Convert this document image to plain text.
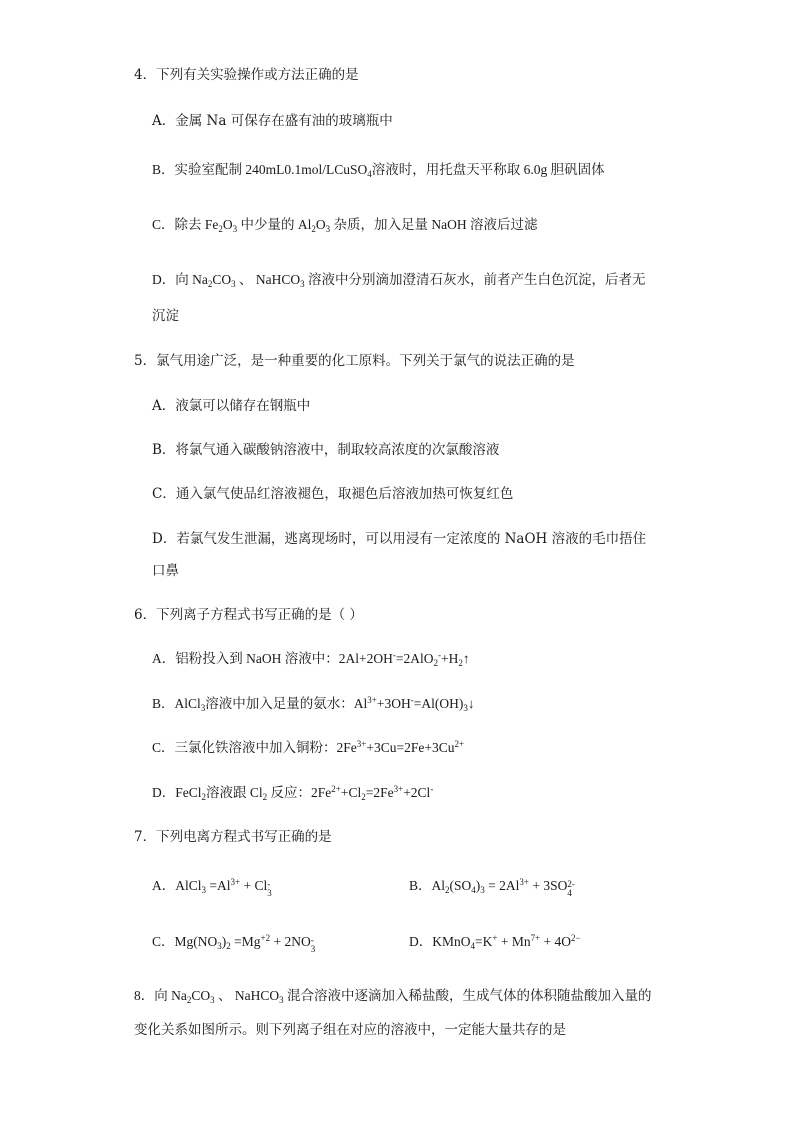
4．下列有关实验操作或方法正确的是
A．金属 Na 可保存在盛有油的玻璃瓶中
B．实验室配制 240mL0.1mol/LCuSO$_4$溶液时，用托盘天平称取 6.0g 胆矾固体
C．除去 $Fe_2O_3$ 中少量的 $Al_2O_3$ 杂质，加入足量 NaOH 溶液后过滤
D．向 $Na_2CO_3$ 、 NaHCO$_3$ 溶液中分别滴加澄清石灰水，前者产生白色沉淀，后者无
沉淀
5．氯气用途广泛，是一种重要的化工原料。下列关于氯气的说法正确的是
A．液氯可以储存在钢瓶中
B．将氯气通入碳酸钠溶液中，制取较高浓度的次氯酸溶液
C．通入氯气使品红溶液褪色，取褪色后溶液加热可恢复红色
D．若氯气发生泄漏，逃离现场时，可以用浸有一定浓度的 NaOH 溶液的毛巾捂住
口鼻
6．下列离子方程式书写正确的是（ ）
A．铝粉投入到 NaOH 溶液中：$2Al+2OH^-=2AlO_2^-+H_2↑$
B．AlCl$_3$溶液中加入足量的氨水：$Al^{3+}+3OH^-=Al(OH)_3↓$
C．三氯化铁溶液中加入铜粉：$2Fe^{3+}+3Cu=2Fe+3Cu^{2+}$
D．FeCl$_2$溶液跟 $Cl_2$ 反应：$2Fe^{2+}+Cl_2=2Fe^{3+}+2Cl^-$
7．下列电离方程式书写正确的是
A．AlCl$_3$ $=Al^{3+} + Cl-$
3	B．$Al_2(SO_4)_3 = 2Al^{3+} + 3SO2-$
4
C．$Mg(NO_3)_2 =Mg^{+2} + 2NO-$
3	D．KMnO$_4$=K+ + $Mn^{7+} + 4O^{2-}$
8．向 $Na_2CO_3$ 、 NaHCO$_3$ 混合溶液中逐滴加入稀盐酸，生成气体的体积随盐酸加入量的
变化关系如图所示。则下列离子组在对应的溶液中，一定能大量共存的是
